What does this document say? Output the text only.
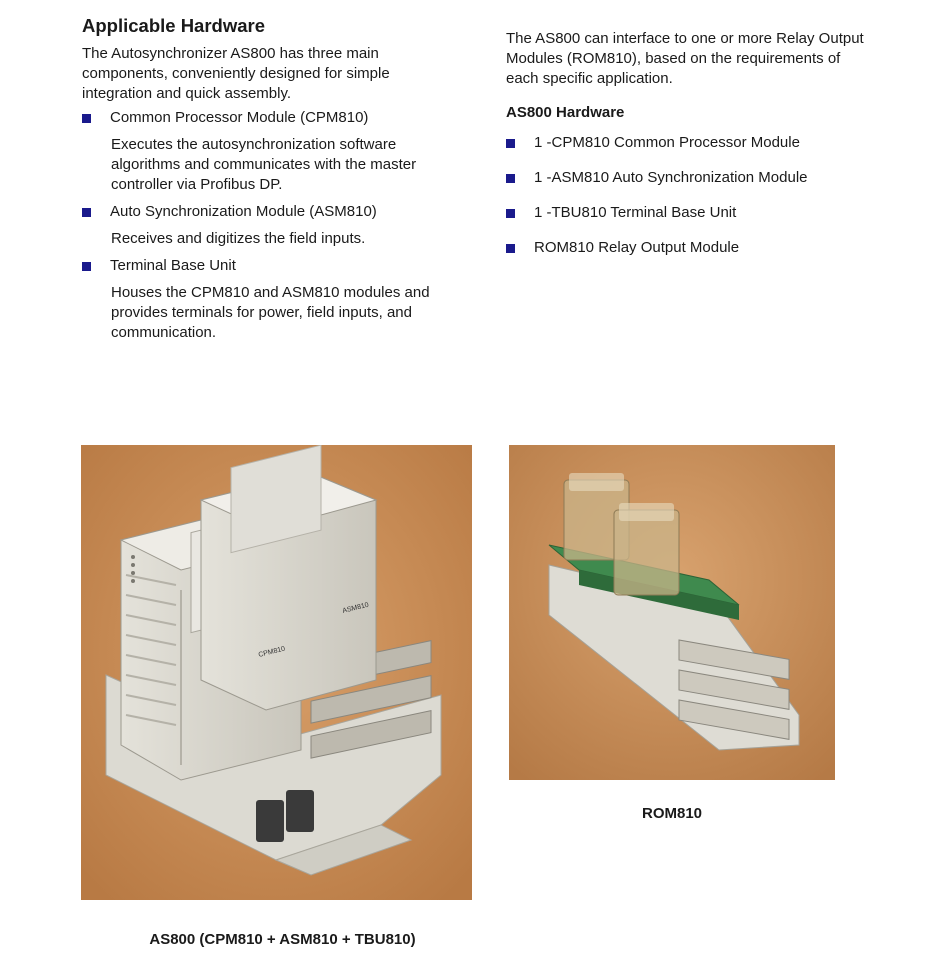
Applicable Hardware

The Autosynchronizer AS800 has three main components, conveniently designed for simple integration and quick assembly.

Common Processor Module (CPM810)
Executes the autosynchronization software algorithms and communicates with the master controller via Profibus DP.
Auto Synchronization Module (ASM810)
Receives and digitizes the field inputs.
Terminal Base Unit
Houses the CPM810 and ASM810 modules and provides terminals for power, field inputs, and communication.

The AS800 can interface to one or more Relay Output Modules (ROM810), based on the requirements of each specific application.

AS800 Hardware
1 -CPM810 Common Processor Module
1 -ASM810 Auto Synchronization Module
1 -TBU810 Terminal Base Unit
ROM810 Relay Output Module
ASM810
CPM810
AS800 (CPM810 + ASM810 + TBU810)
ROM810
